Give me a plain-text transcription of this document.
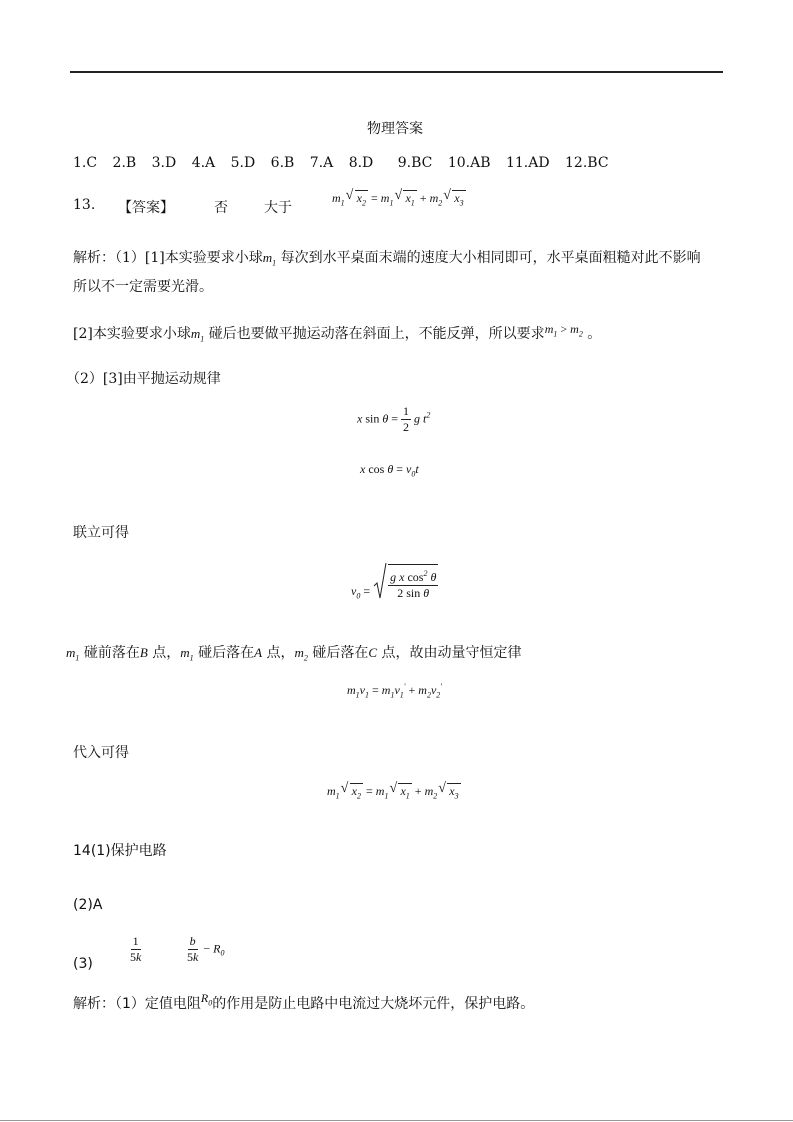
物理答案
1.C 2.B 3.D 4.A 5.D 6.B 7.A 8.D 9.BC 10.AB 11.AD 12.BC
13. 【答案】	否	大于
$m_1√$ $x_2 = m_1√$ $x_1 + m_2√$ $x_3$
解析：（1）[1]本实验要求小球$m_1$ 每次到水平桌面末端的速度大小相同即可，水平桌面粗糙对此不影响
所以不一定需要光滑。
[2]本实验要求小球$m_1$ 碰后也要做平抛运动落在斜面上，不能反弹，所以要求$m_1 > m_2$ 。
（2）[3]由平抛运动规律
x $\sin \theta = \frac{1}{2}$ g $t^2$
x $\cos \theta = v_0t$
联立可得
$v_0 = \frac{g x \cos^2 \theta}{\text{2 sin θ}}$
$m_1$ 碰前落在B 点，$m_1$ 碰后落在A 点，$m_2$ 碰后落在C 点，故由动量守恒定律
$m_1v_1 = m_1v_1' + m_2v_2'$
代入可得
$m_1√$ $x_2 = m_1√$ $x_1 + m_2√$ $x_3$
14(1)保护电路
(2)A
(3)	$\frac{1}{5k}$	$\frac{b}{5k} - R_0$
解析：（1）定值电阻$R_0$的作用是防止电路中电流过大烧坏元件，保护电路。
